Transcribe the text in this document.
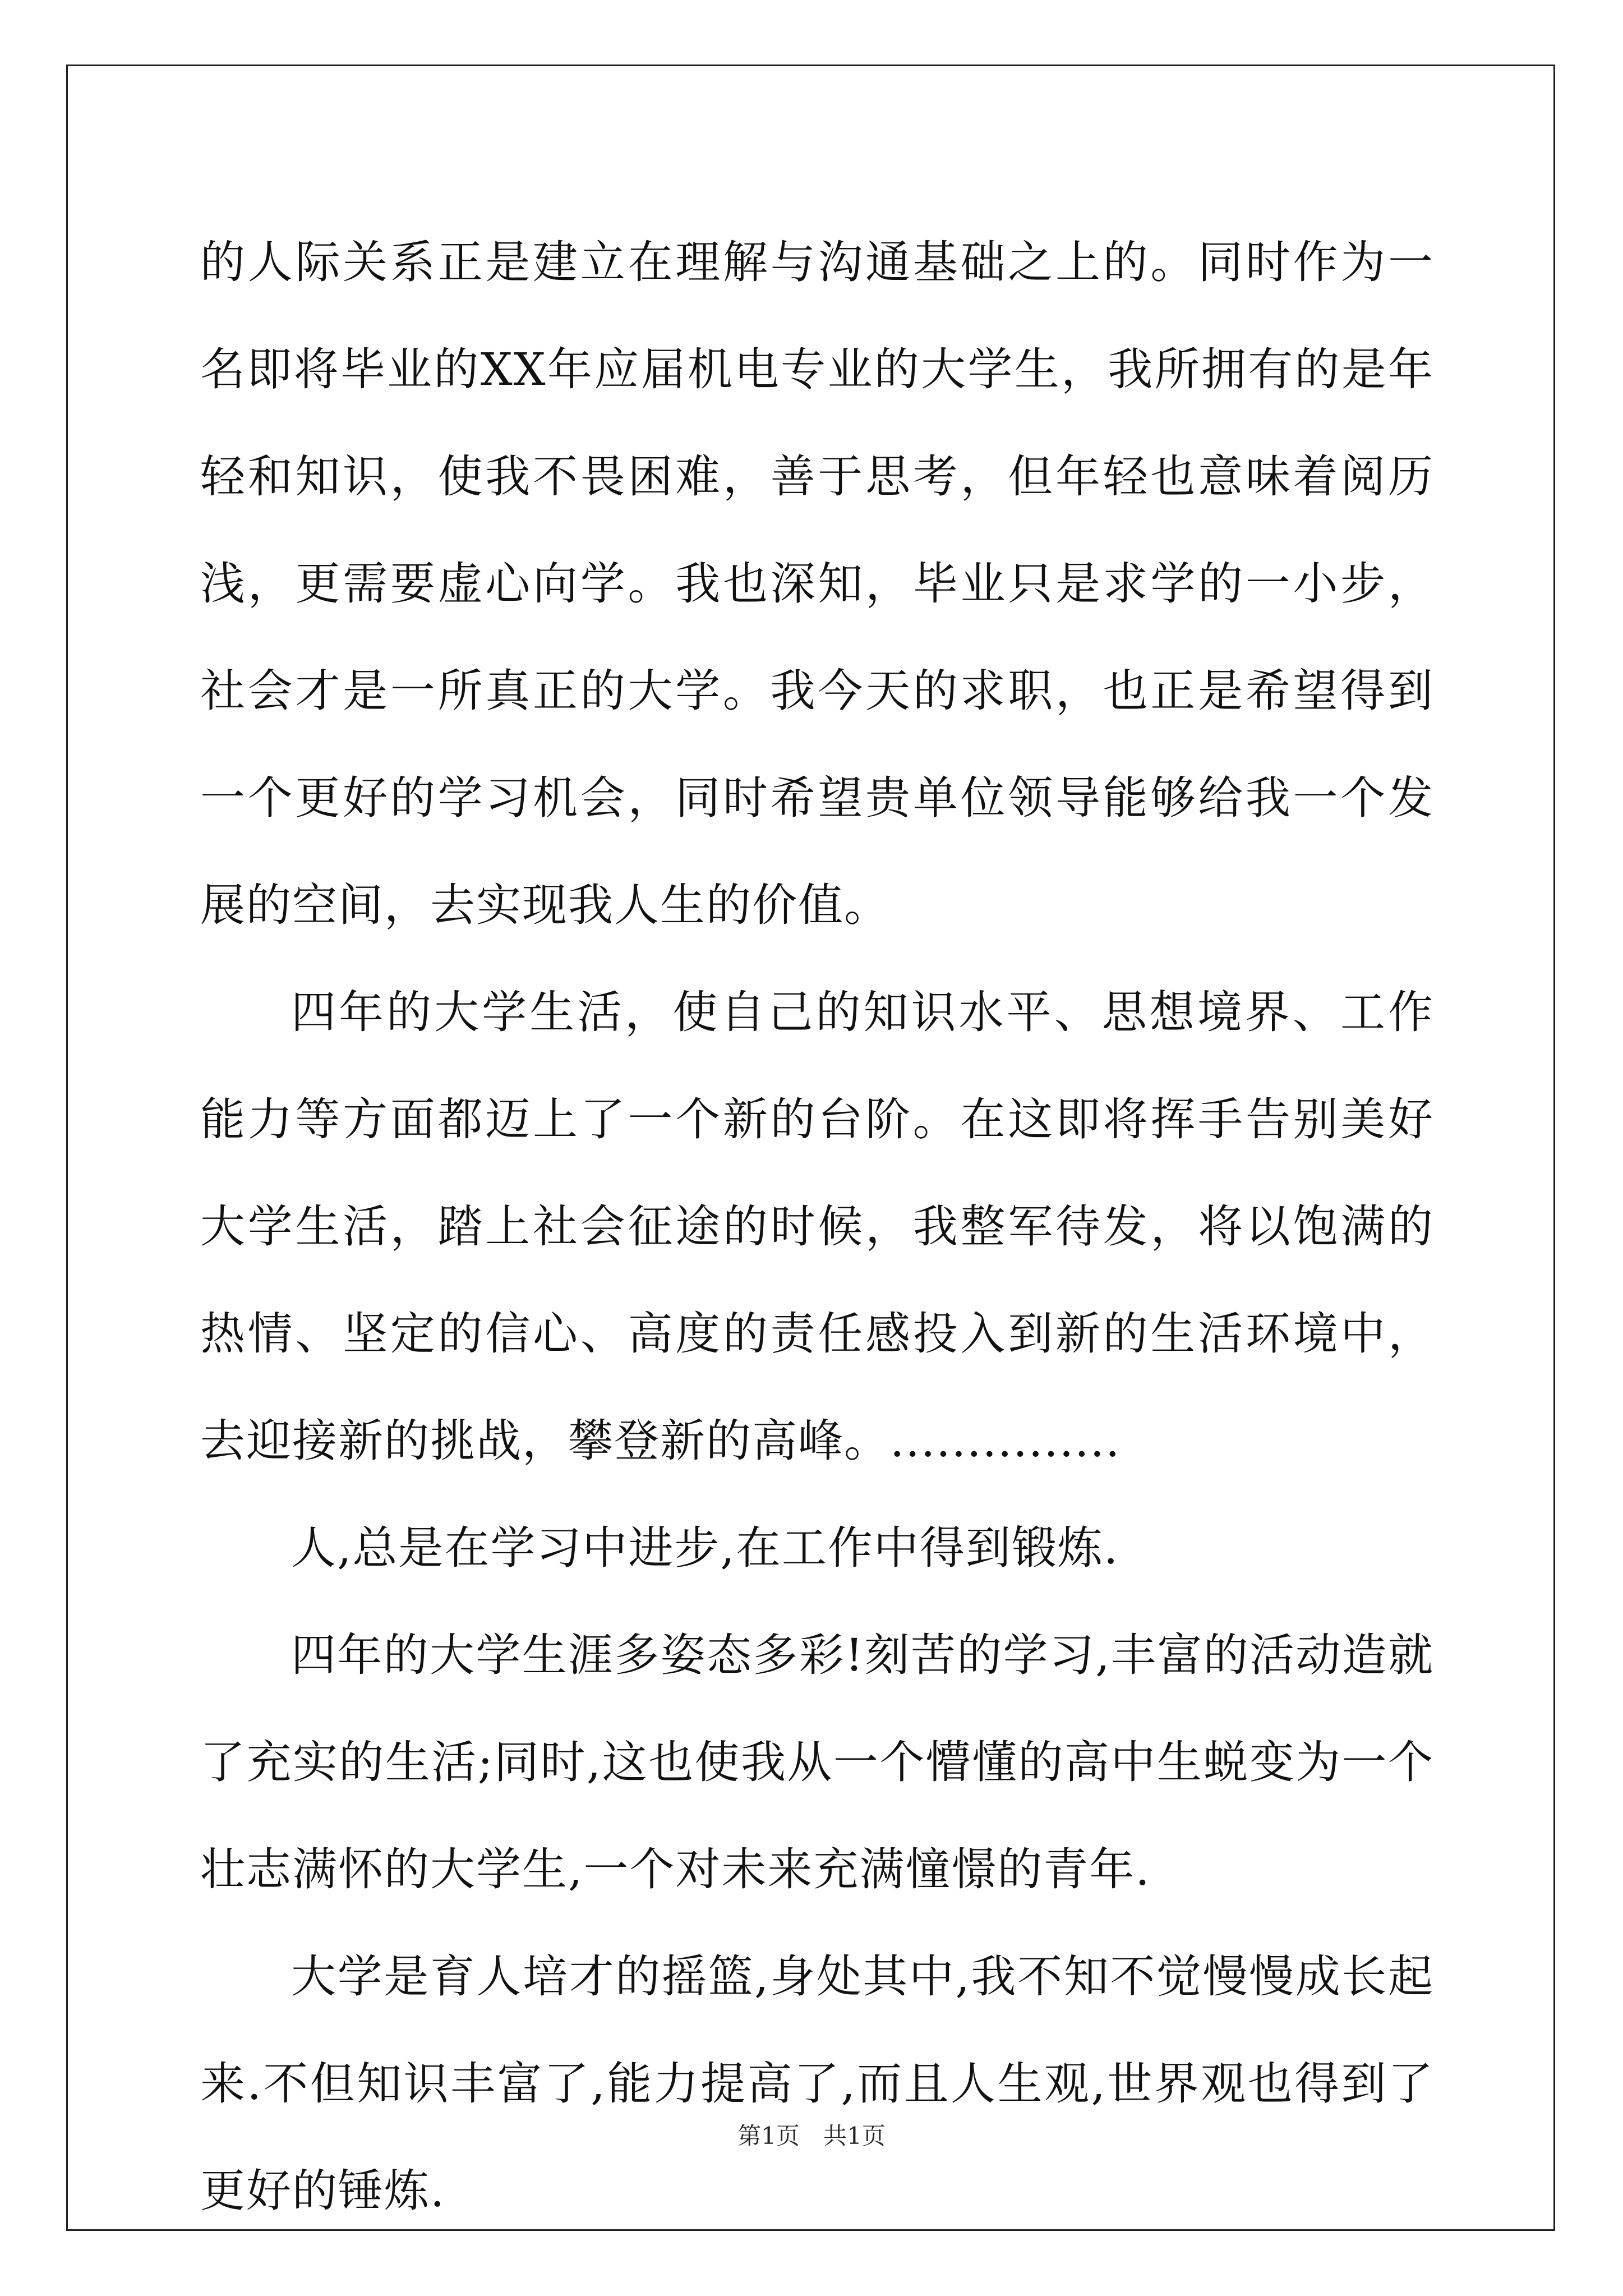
的人际关系正是建立在理解与沟通基础之上的。同时作为一名即将毕业的XX年应届机电专业的大学生，我所拥有的是年轻和知识，使我不畏困难，善于思考，但年轻也意味着阅历浅，更需要虚心向学。我也深知，毕业只是求学的一小步，社会才是一所真正的大学。我今天的求职，也正是希望得到一个更好的学习机会，同时希望贵单位领导能够给我一个发展的空间，去实现我人生的价值。

四年的大学生活，使自己的知识水平、思想境界、工作能力等方面都迈上了一个新的台阶。在这即将挥手告别美好大学生活，踏上社会征途的时候，我整军待发，将以饱满的热情、坚定的信心、高度的责任感投入到新的生活环境中，去迎接新的挑战，攀登新的高峰。...............

人,总是在学习中进步,在工作中得到锻炼.

四年的大学生涯多姿态多彩!刻苦的学习,丰富的活动造就了充实的生活;同时,这也使我从一个懵懂的高中生蜕变为一个壮志满怀的大学生,一个对未来充满憧憬的青年.

大学是育人培才的摇篮,身处其中,我不知不觉慢慢成长起来.不但知识丰富了,能力提高了,而且人生观,世界观也得到了更好的锤炼.

第1页　共1页
